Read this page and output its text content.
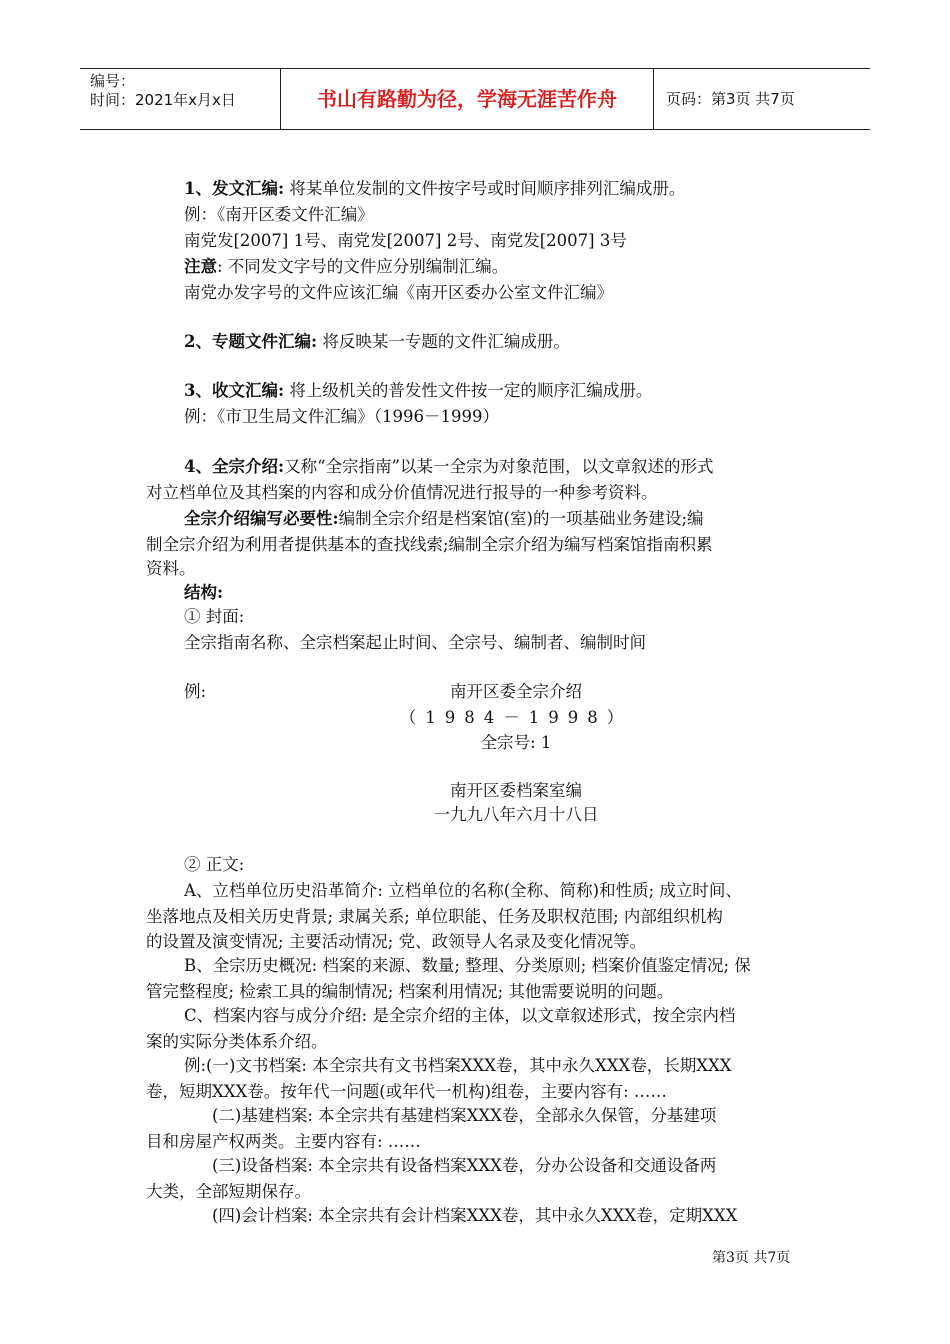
编号：
时间：2021年x月x日	书山有路勤为径，学海无涯苦作舟	页码：第3页 共7页
1、发文汇编: 将某单位发制的文件按字号或时间顺序排列汇编成册。
例：《南开区委文件汇编》
南党发[2007] 1号、南党发[2007] 2号、南党发[2007] 3号
注意: 不同发文字号的文件应分别编制汇编。
南党办发字号的文件应该汇编《南开区委办公室文件汇编》
2、专题文件汇编: 将反映某一专题的文件汇编成册。
3、收文汇编: 将上级机关的普发性文件按一定的顺序汇编成册。
例：《市卫生局文件汇编》（1996－1999）
4、全宗介绍:又称“全宗指南”以某一全宗为对象范围，以文章叙述的形式
对立档单位及其档案的内容和成分价值情况进行报导的一种参考资料。
全宗介绍编写必要性:编制全宗介绍是档案馆(室)的一项基础业务建设;编
制全宗介绍为利用者提供基本的查找线索;编制全宗介绍为编写档案馆指南积累
资料。
结构:
① 封面:
全宗指南名称、全宗档案起止时间、全宗号、编制者、编制时间
例:	南开区委全宗介绍
（1984－1998）
全宗号: 1
南开区委档案室编
一九九八年六月十八日
② 正文:
A、立档单位历史沿革简介: 立档单位的名称(全称、简称)和性质; 成立时间、
坐落地点及相关历史背景; 隶属关系; 单位职能、任务及职权范围; 内部组织机构
的设置及演变情况; 主要活动情况; 党、政领导人名录及变化情况等。
B、全宗历史概况: 档案的来源、数量; 整理、分类原则; 档案价值鉴定情况; 保
管完整程度; 检索工具的编制情况; 档案利用情况; 其他需要说明的问题。
C、档案内容与成分介绍: 是全宗介绍的主体，以文章叙述形式，按全宗内档
案的实际分类体系介绍。
例:(一)文书档案: 本全宗共有文书档案XXX卷，其中永久XXX卷，长期XXX
卷，短期XXX卷。按年代一问题(或年代一机构)组卷，主要内容有: ……
(二)基建档案: 本全宗共有基建档案XXX卷，全部永久保管，分基建项
目和房屋产权两类。主要内容有: ……
(三)设备档案: 本全宗共有设备档案XXX卷，分办公设备和交通设备两
大类，全部短期保存。
(四)会计档案: 本全宗共有会计档案XXX卷，其中永久XXX卷，定期XXX
第3页 共7页
